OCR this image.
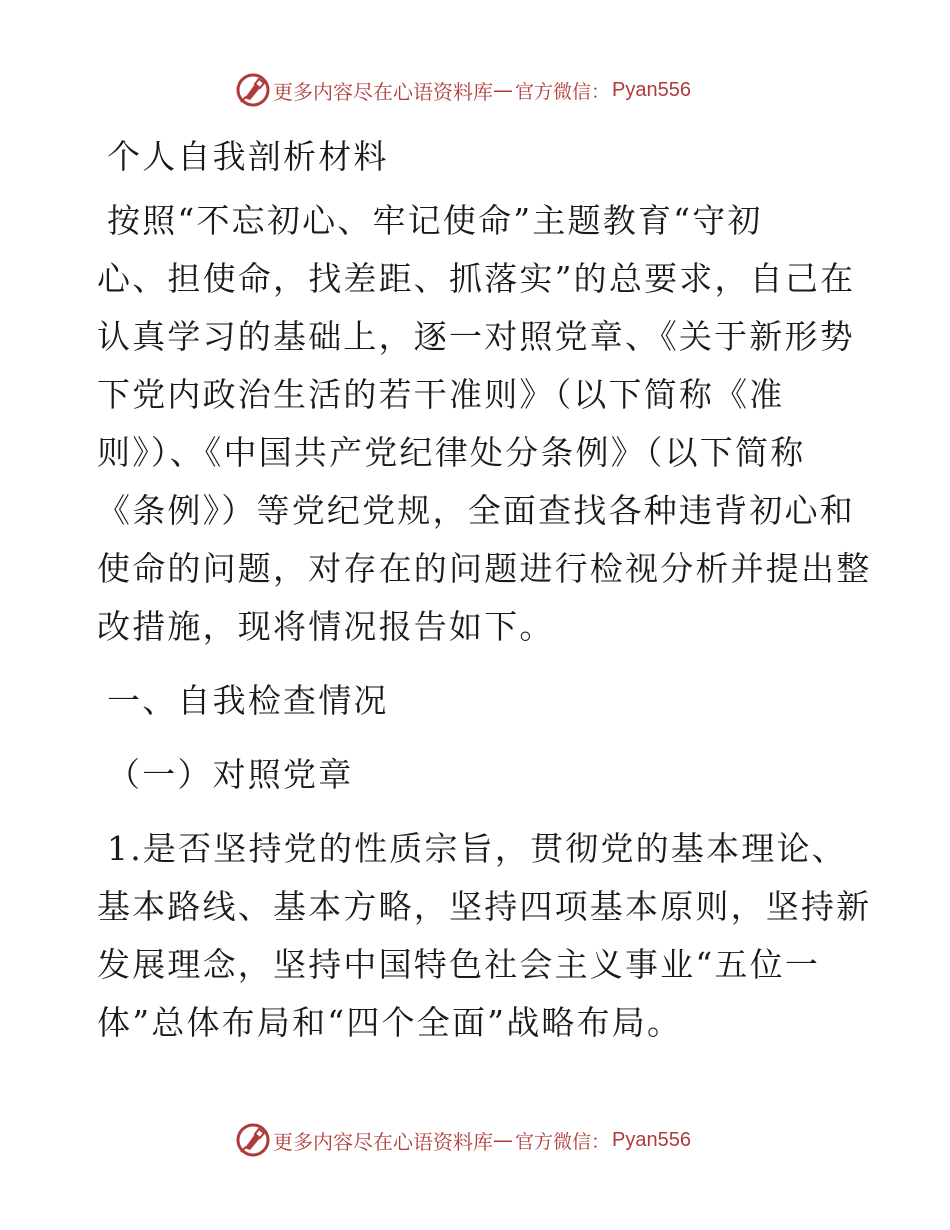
更多内容尽在心语资料库 — 官方微信： Pyan556

个人自我剖析材料

按照“不忘初心、牢记使命”主题教育“守初

心、担使命，找差距、抓落实”的总要求，自己在

认真学习的基础上，逐一对照党章、《关于新形势

下党内政治生活的若干准则》（以下简称《准

则》）、《中国共产党纪律处分条例》（以下简称

《条例》）等党纪党规，全面查找各种违背初心和

使命的问题，对存在的问题进行检视分析并提出整

改措施，现将情况报告如下。

一、自我检查情况

（一）对照党章

1.是否坚持党的性质宗旨，贯彻党的基本理论、

基本路线、基本方略，坚持四项基本原则，坚持新

发展理念，坚持中国特色社会主义事业“五位一

体”总体布局和“四个全面”战略布局。

更多内容尽在心语资料库 — 官方微信： Pyan556
